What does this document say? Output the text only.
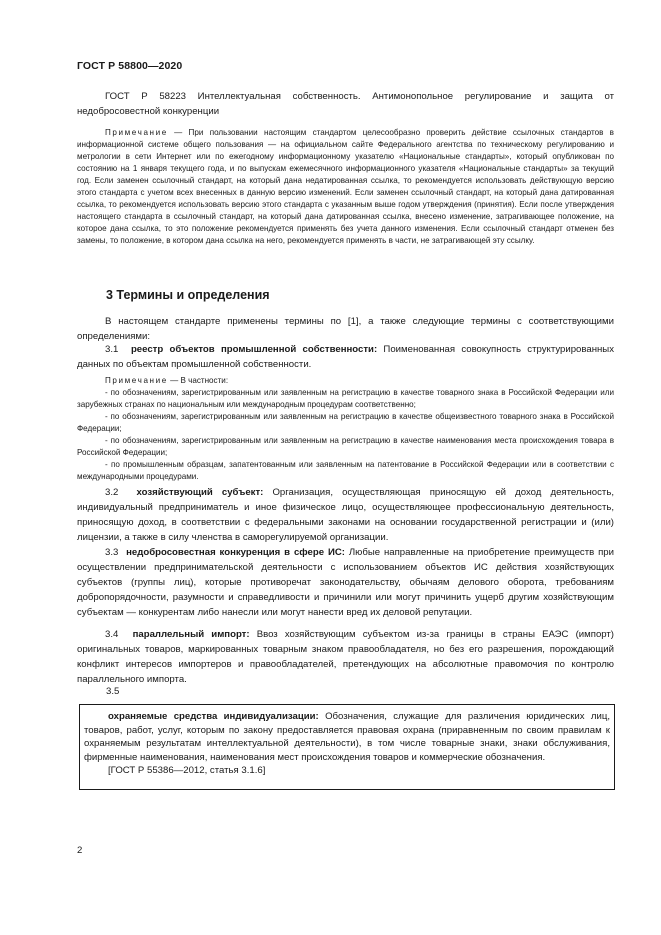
ГОСТ Р 58800—2020

ГОСТ Р 58223 Интеллектуальная собственность. Антимонопольное регулирование и защита от недобросовестной конкуренции

Примечание — При пользовании настоящим стандартом целесообразно проверить действие ссылочных стандартов в информационной системе общего пользования — на официальном сайте Федерального агентства по техническому регулированию и метрологии в сети Интернет или по ежегодному информационному указателю «Национальные стандарты», который опубликован по состоянию на 1 января текущего года, и по выпускам ежемесячного информационного указателя «Национальные стандарты» за текущий год. Если заменен ссылочный стандарт, на который дана недатированная ссылка, то рекомендуется использовать действующую версию этого стандарта с учетом всех внесенных в данную версию изменений. Если заменен ссылочный стандарт, на который дана датированная ссылка, то рекомендуется использовать версию этого стандарта с указанным выше годом утверждения (принятия). Если после утверждения настоящего стандарта в ссылочный стандарт, на который дана датированная ссылка, внесено изменение, затрагивающее положение, на которое дана ссылка, то это положение рекомендуется применять без учета данного изменения. Если ссылочный стандарт отменен без замены, то положение, в котором дана ссылка на него, рекомендуется применять в части, не затрагивающей эту ссылку.

3 Термины и определения

В настоящем стандарте применены термины по [1], а также следующие термины с соответствующими определениями:

3.1 реестр объектов промышленной собственности: Поименованная совокупность структурированных данных по объектам промышленной собственности.

Примечание — В частности:

- по обозначениям, зарегистрированным или заявленным на регистрацию в качестве товарного знака в Российской Федерации или зарубежных странах по национальным или международным процедурам соответственно;

- по обозначениям, зарегистрированным или заявленным на регистрацию в качестве общеизвестного товарного знака в Российской Федерации;

- по обозначениям, зарегистрированным или заявленным на регистрацию в качестве наименования места происхождения товара в Российской Федерации;

- по промышленным образцам, запатентованным или заявленным на патентование в Российской Федерации или в соответствии с международными процедурами.

3.2 хозяйствующий субъект: Организация, осуществляющая приносящую ей доход деятельность, индивидуальный предприниматель и иное физическое лицо, осуществляющее профессиональную деятельность, приносящую доход, в соответствии с федеральными законами на основании государственной регистрации и (или) лицензии, а также в силу членства в саморегулируемой организации.

3.3 недобросовестная конкуренция в сфере ИС: Любые направленные на приобретение преимуществ при осуществлении предпринимательской деятельности с использованием объектов ИС действия хозяйствующих субъектов (группы лиц), которые противоречат законодательству, обычаям делового оборота, требованиям добропорядочности, разумности и справедливости и причинили или могут причинить ущерб другим хозяйствующим субъектам — конкурентам либо нанесли или могут нанести вред их деловой репутации.

3.4 параллельный импорт: Ввоз хозяйствующим субъектом из-за границы в страны ЕАЭС (импорт) оригинальных товаров, маркированных товарным знаком правообладателя, но без его разрешения, порождающий конфликт интересов импортеров и правообладателей, претендующих на абсолютные правомочия по контролю параллельного импорта.

3.5

охраняемые средства индивидуализации: Обозначения, служащие для различения юридических лиц, товаров, работ, услуг, которым по закону предоставляется правовая охрана (приравненным по своим правилам к охраняемым результатам интеллектуальной деятельности), в том числе товарные знаки, знаки обслуживания, фирменные наименования, наименования мест происхождения товаров и коммерческие обозначения.

[ГОСТ Р 55386—2012, статья 3.1.6]

2
